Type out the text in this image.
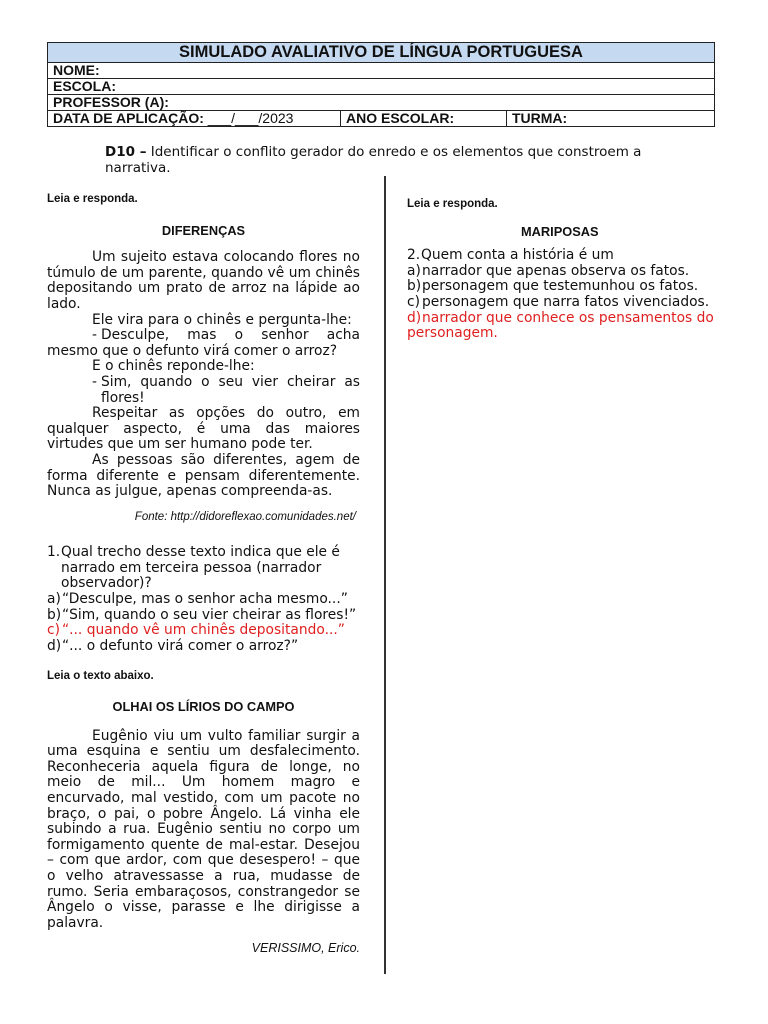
SIMULADO AVALIATIVO DE LÍNGUA PORTUGUESA
NOME:
ESCOLA:
PROFESSOR (A):
DATA DE APLICAÇÃO: ___/___/2023	ANO ESCOLAR:	TURMA:
D10 – Identificar o conflito gerador do enredo e os elementos que constroem a narrativa.
Leia e responda.
DIFERENÇAS

Um sujeito estava colocando flores no túmulo de um parente, quando vê um chinês depositando um prato de arroz na lápide ao lado.

Ele vira para o chinês e pergunta-lhe:

- Desculpe, mas o senhor acha

mesmo que o defunto virá comer o arroz?

E o chinês reponde-lhe:

- Sim, quando o seu vier cheirar as flores!

Respeitar as opções do outro, em qualquer aspecto, é uma das maiores virtudes que um ser humano pode ter.

As pessoas são diferentes, agem de forma diferente e pensam diferentemente. Nunca as julgue, apenas compreenda-as.

Fonte: http://didoreflexao.comunidades.net/
1. Qual trecho desse texto indica que ele é narrado em terceira pessoa (narrador observador)?
a) “Desculpe, mas o senhor acha mesmo...”
b) “Sim, quando o seu vier cheirar as flores!”
c) “... quando vê um chinês depositando...”
d) “... o defunto virá comer o arroz?”
Leia o texto abaixo.
OLHAI OS LÍRIOS DO CAMPO

Eugênio viu um vulto familiar surgir a uma esquina e sentiu um desfalecimento. Reconheceria aquela figura de longe, no meio de mil... Um homem magro e encurvado, mal vestido, com um pacote no braço, o pai, o pobre Ângelo. Lá vinha ele subindo a rua. Eugênio sentiu no corpo um formigamento quente de mal-estar. Desejou – com que ardor, com que desespero! – que o velho atravessasse a rua, mudasse de rumo. Seria embaraçosos, constrangedor se Ângelo o visse, parasse e lhe dirigisse a palavra.

VERISSIMO, Erico.
Leia e responda.
MARIPOSAS
2. Quem conta a história é um
a) narrador que apenas observa os fatos.
b) personagem que testemunhou os fatos.
c) personagem que narra fatos vivenciados.
d)narrador que conhece os pensamentos do personagem.
